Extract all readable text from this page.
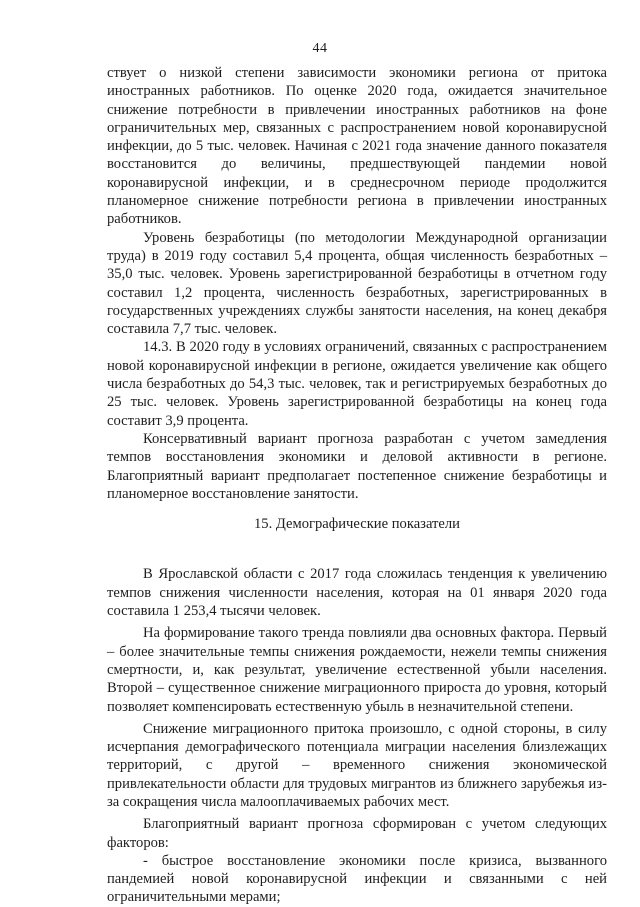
44

ствует о низкой степени зависимости экономики региона от притока иностранных работников. По оценке 2020 года, ожидается значительное снижение потребности в привлечении иностранных работников на фоне ограничительных мер, связанных с распространением новой коронавирусной инфекции, до 5 тыс. человек. Начиная с 2021 года значение данного показателя восстановится до величины, предшествующей пандемии новой коронавирусной инфекции, и в среднесрочном периоде продолжится планомерное снижение потребности региона в привлечении иностранных работников.

Уровень безработицы (по методологии Международной организации труда) в 2019 году составил 5,4 процента, общая численность безработных – 35,0 тыс. человек. Уровень зарегистрированной безработицы в отчетном году составил 1,2 процента, численность безработных, зарегистрированных в государственных учреждениях службы занятости населения, на конец декабря составила 7,7 тыс. человек.

14.3. В 2020 году в условиях ограничений, связанных с распространением новой коронавирусной инфекции в регионе, ожидается увеличение как общего числа безработных до 54,3 тыс. человек, так и регистрируемых безработных до 25 тыс. человек. Уровень зарегистрированной безработицы на конец года составит 3,9 процента.

Консервативный вариант прогноза разработан с учетом замедления темпов восстановления экономики и деловой активности в регионе. Благоприятный вариант предполагает постепенное снижение безработицы и планомерное восстановление занятости.

15. Демографические показатели

В Ярославской области с 2017 года сложилась тенденция к увеличению темпов снижения численности населения, которая на 01 января 2020 года составила 1 253,4 тысячи человек.

На формирование такого тренда повлияли два основных фактора. Первый – более значительные темпы снижения рождаемости, нежели темпы снижения смертности, и, как результат, увеличение естественной убыли населения. Второй – существенное снижение миграционного прироста до уровня, который позволяет компенсировать естественную убыль в незначительной степени.

Снижение миграционного притока произошло, с одной стороны, в силу исчерпания демографического потенциала миграции населения близлежащих территорий, с другой – временного снижения экономической привлекательности области для трудовых мигрантов из ближнего зарубежья из-за сокращения числа малооплачиваемых рабочих мест.

Благоприятный вариант прогноза сформирован с учетом следующих факторов:

- быстрое восстановление экономики после кризиса, вызванного пандемией новой коронавирусной инфекции и связанными с ней ограничительными мерами;
